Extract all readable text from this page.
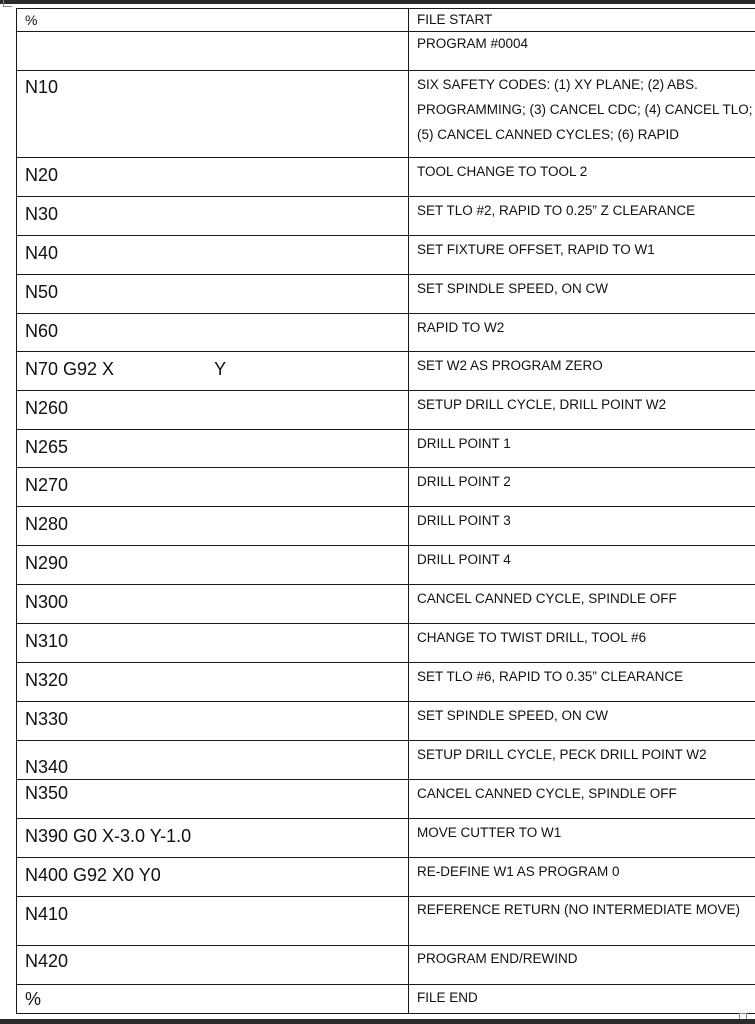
%	FILE START

	PROGRAM #0004

N10	SIX SAFETY CODES: (1) XY PLANE; (2) ABS. PROGRAMMING; (3) CANCEL CDC; (4) CANCEL TLO; (5) CANCEL CANNED CYCLES; (6) RAPID

N20	TOOL CHANGE TO TOOL 2

N30	SET TLO #2, RAPID TO 0.25” Z CLEARANCE

N40	SET FIXTURE OFFSET, RAPID TO W1

N50	SET SPINDLE SPEED, ON CW

N60	RAPID TO W2
N70 G92 X Y	SET W2 AS PROGRAM ZERO

N260	SETUP DRILL CYCLE, DRILL POINT W2

N265	DRILL POINT 1

N270	DRILL POINT 2

N280	DRILL POINT 3

N290	DRILL POINT 4

N300	CANCEL CANNED CYCLE, SPINDLE OFF

N310	CHANGE TO TWIST DRILL, TOOL #6

N320	SET TLO #6, RAPID TO 0.35” CLEARANCE

N330	SET SPINDLE SPEED, ON CW

N340	SETUP DRILL CYCLE, PECK DRILL POINT W2

N350	CANCEL CANNED CYCLE, SPINDLE OFF

N390 G0 X-3.0 Y-1.0	MOVE CUTTER TO W1

N400 G92 X0 Y0	RE-DEFINE W1 AS PROGRAM 0

N410	REFERENCE RETURN (NO INTERMEDIATE MOVE)

N420	PROGRAM END/REWIND

%	FILE END
